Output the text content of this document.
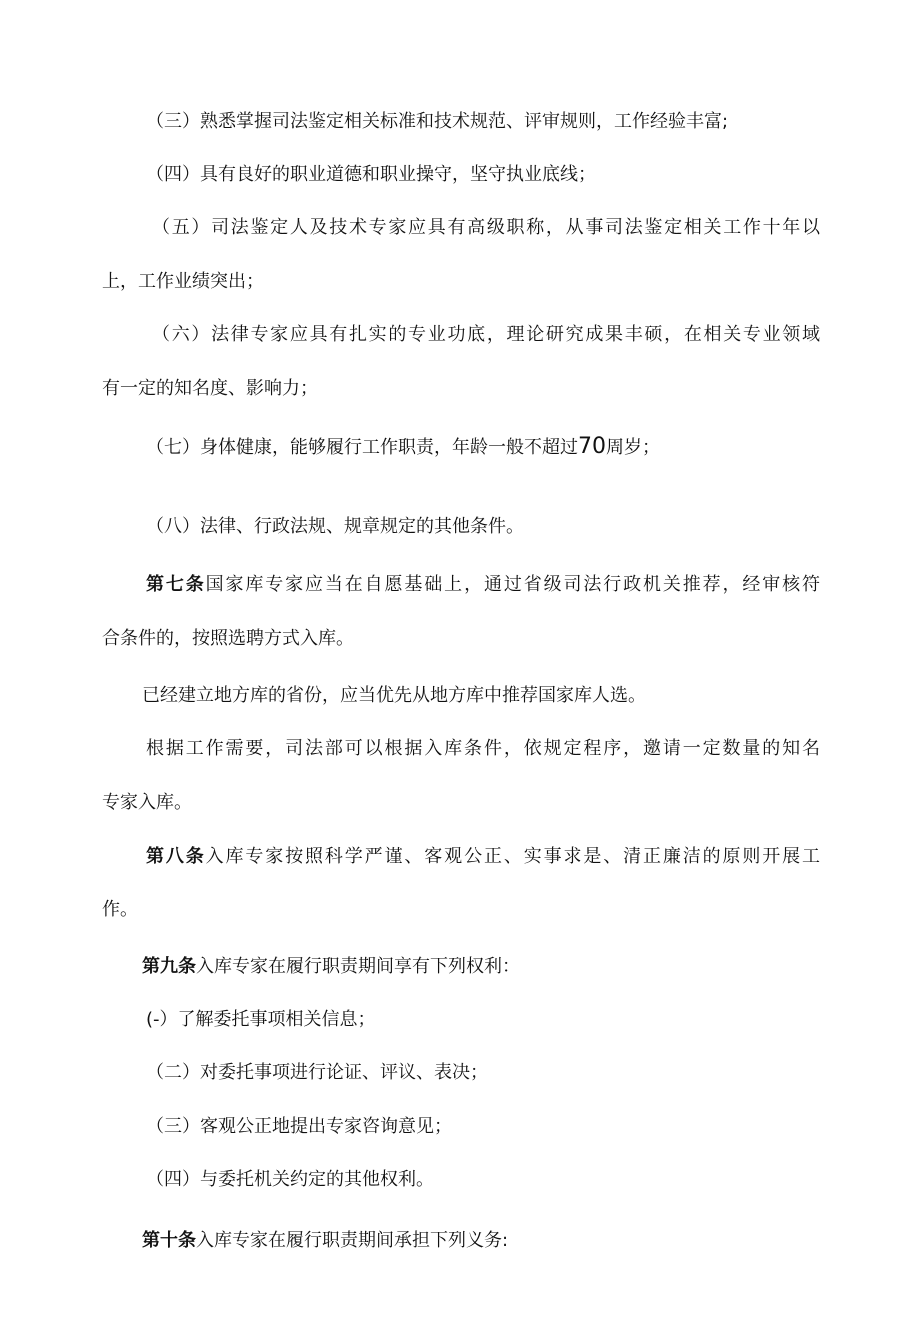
（三）熟悉掌握司法鉴定相关标准和技术规范、评审规则，工作经验丰富;
（四）具有良好的职业道德和职业操守，坚守执业底线；
（五）司法鉴定人及技术专家应具有高级职称，从事司法鉴定相关工作十年以
上，工作业绩突出；
（六）法律专家应具有扎实的专业功底，理论研究成果丰硕，在相关专业领域
有一定的知名度、影响力；
（七）身体健康，能够履行工作职责，年龄一般不超过70周岁；
（八）法律、行政法规、规章规定的其他条件。
第七条国家库专家应当在自愿基础上，通过省级司法行政机关推荐，经审核符
合条件的，按照选聘方式入库。
已经建立地方库的省份，应当优先从地方库中推荐国家库人选。
根据工作需要，司法部可以根据入库条件，依规定程序，邀请一定数量的知名
专家入库。
第八条入库专家按照科学严谨、客观公正、实事求是、清正廉洁的原则开展工
作。
第九条入库专家在履行职责期间享有下列权利：
(-）了解委托事项相关信息；
（二）对委托事项进行论证、评议、表决；
（三）客观公正地提出专家咨询意见；
（四）与委托机关约定的其他权利。
第十条入库专家在履行职责期间承担下列义务:
